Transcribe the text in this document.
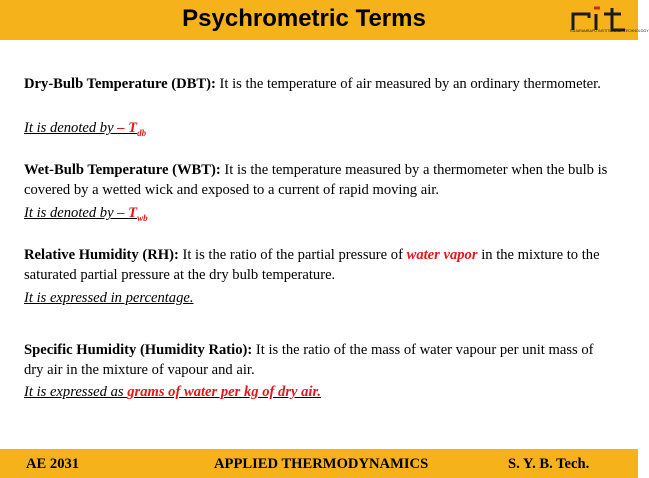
Psychrometric Terms	RAJARAMBAPU INSTITUTE OF TECHNOLOGY
Dry-Bulb Temperature (DBT): It is the temperature of air measured by an ordinary thermometer.
It is denoted by – $T_{db}$
Wet-Bulb Temperature (WBT): It is the temperature measured by a thermometer when the bulb is covered by a wetted wick and exposed to a current of rapid moving air.
It is denoted by – $T_{wb}$
Relative Humidity (RH): It is the ratio of the partial pressure of water vapor in the mixture to the saturated partial pressure at the dry bulb temperature.
It is expressed in percentage.
Specific Humidity (Humidity Ratio): It is the ratio of the mass of water vapour per unit mass of dry air in the mixture of vapour and air.
It is expressed as grams of water per kg of dry air.
AE 2031	APPLIED THERMODYNAMICS	S. Y. B. Tech.
